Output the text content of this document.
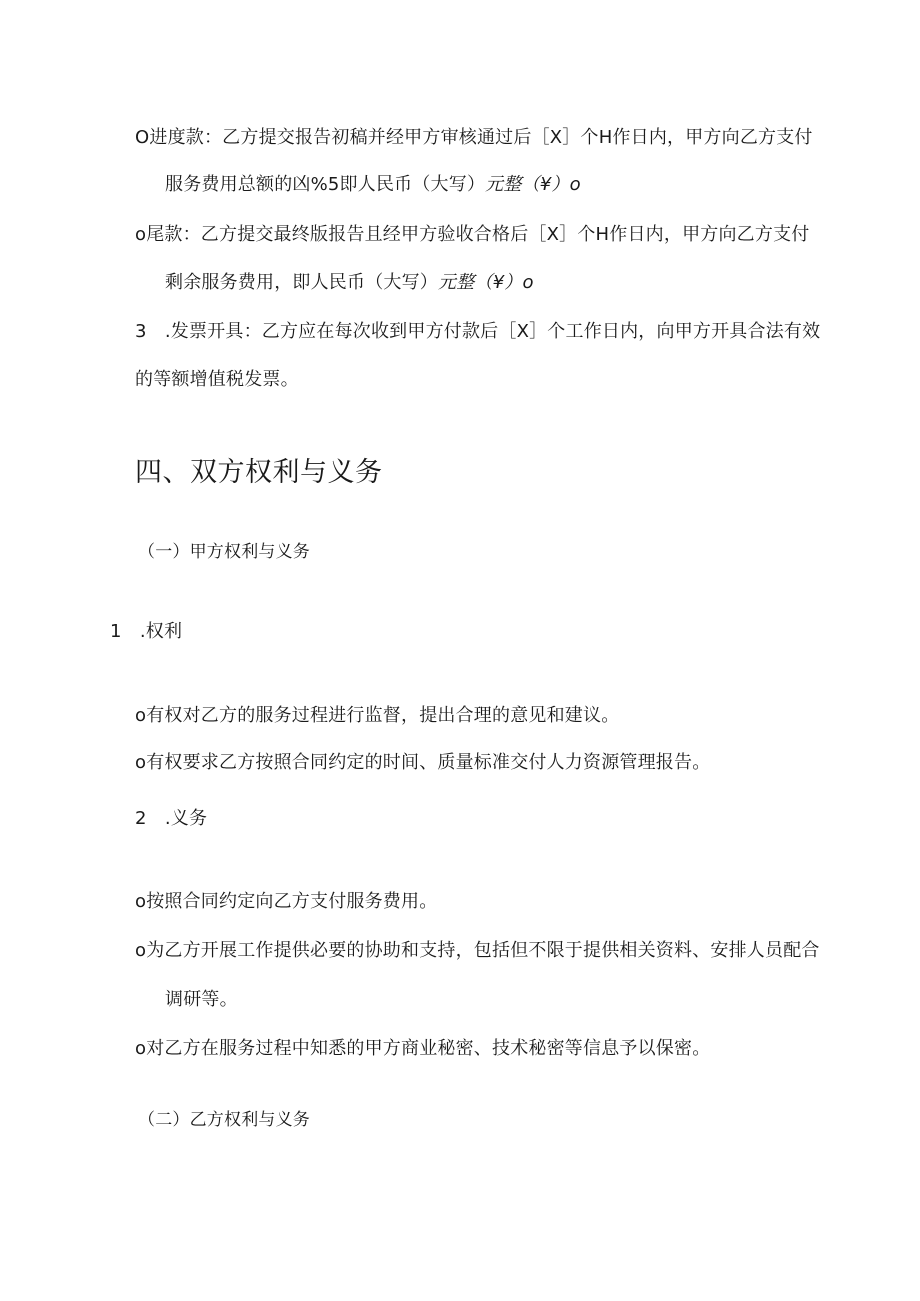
O进度款：乙方提交报告初稿并经甲方审核通过后［X］个H作日内，甲方向乙方支付
服务费用总额的凶%5即人民币（大写）元整（¥）o
o尾款：乙方提交最终版报告且经甲方验收合格后［X］个H作日内，甲方向乙方支付
剩余服务费用，即人民币（大写）元整（¥）o
3　.发票开具：乙方应在每次收到甲方付款后［X］个工作日内，向甲方开具合法有效
的等额增值税发票。
四、双方权利与义务
（一）甲方权利与义务
1　.权利
o有权对乙方的服务过程进行监督，提出合理的意见和建议。
o有权要求乙方按照合同约定的时间、质量标准交付人力资源管理报告。
2　.义务
o按照合同约定向乙方支付服务费用。
o为乙方开展工作提供必要的协助和支持，包括但不限于提供相关资料、安排人员配合
调研等。
o对乙方在服务过程中知悉的甲方商业秘密、技术秘密等信息予以保密。
（二）乙方权利与义务
